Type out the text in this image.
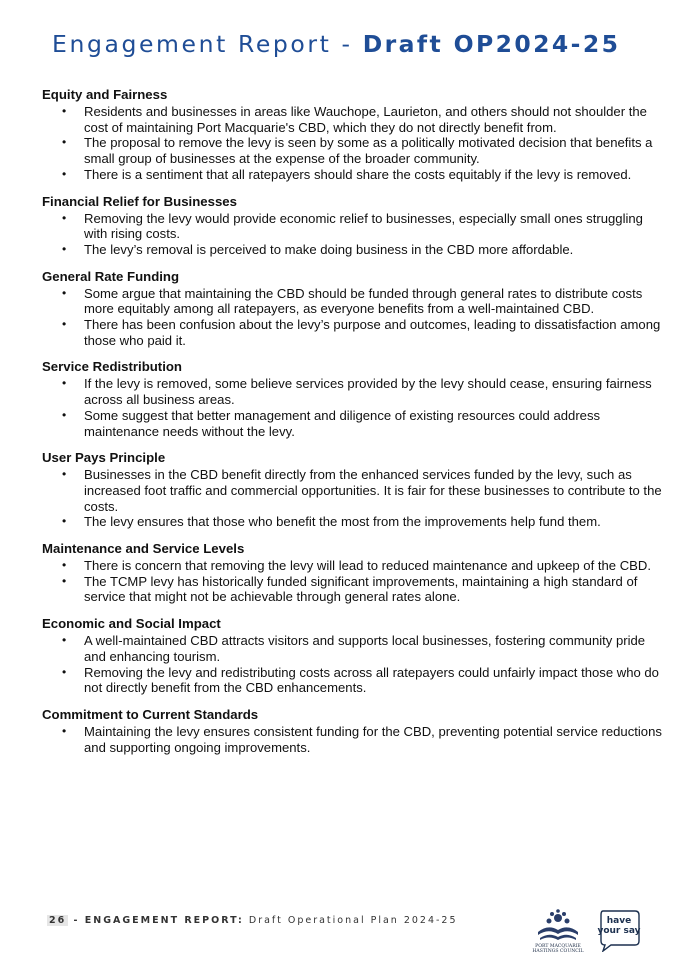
Engagement Report - Draft OP2024-25
Equity and Fairness
• Residents and businesses in areas like Wauchope, Laurieton, and others should not shoulder the cost of maintaining Port Macquarie's CBD, which they do not directly benefit from.
• The proposal to remove the levy is seen by some as a politically motivated decision that benefits a small group of businesses at the expense of the broader community.
• There is a sentiment that all ratepayers should share the costs equitably if the levy is removed.
Financial Relief for Businesses
• Removing the levy would provide economic relief to businesses, especially small ones struggling with rising costs.
• The levy’s removal is perceived to make doing business in the CBD more affordable.
General Rate Funding
• Some argue that maintaining the CBD should be funded through general rates to distribute costs more equitably among all ratepayers, as everyone benefits from a well-maintained CBD.
• There has been confusion about the levy’s purpose and outcomes, leading to dissatisfaction among those who paid it.
Service Redistribution
• If the levy is removed, some believe services provided by the levy should cease, ensuring fairness across all business areas.
• Some suggest that better management and diligence of existing resources could address maintenance needs without the levy.
User Pays Principle
• Businesses in the CBD benefit directly from the enhanced services funded by the levy, such as increased foot traffic and commercial opportunities. It is fair for these businesses to contribute to the costs.
• The levy ensures that those who benefit the most from the improvements help fund them.
Maintenance and Service Levels
• There is concern that removing the levy will lead to reduced maintenance and upkeep of the CBD.
• The TCMP levy has historically funded significant improvements, maintaining a high standard of service that might not be achievable through general rates alone.
Economic and Social Impact
• A well-maintained CBD attracts visitors and supports local businesses, fostering community pride and enhancing tourism.
• Removing the levy and redistributing costs across all ratepayers could unfairly impact those who do not directly benefit from the CBD enhancements.
Commitment to Current Standards
• Maintaining the levy ensures consistent funding for the CBD, preventing potential service reductions and supporting ongoing improvements.
26 - ENGAGEMENT REPORT: Draft Operational Plan 2024-25
PORT MACQUARIE
HASTINGS COUNCIL
have
your say
